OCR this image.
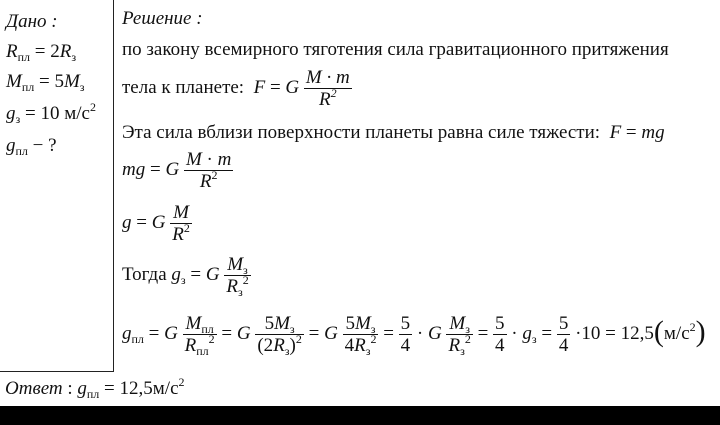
Дано :
$R_{пл} = 2R_з$
$M_{пл} = 5M_з$
$g_з = 10$ $м/с^2$
$g_{пл}$ − ?
Решение :
по закону всемирного тяготения сила гравитационного притяжения
тела к планете: F = G $\frac{M \cdot m}{R^2}$
Эта сила вблизи поверхности планеты равна силе тяжести: F = mg
mg = G $\frac{M \cdot m}{R^2}$
g = G $\frac{M}{R^2}$
Тогда $g_з = G \frac{M_з}{R_з^2}$
$g_{пл} = G \frac{M_{пл}}{R_{пл}^2} = G \frac{5M_з}{(2R_з)^2} = G \frac{5M_з}{4R_з^2} = \frac{5}{4} \cdot G \frac{M_з}{R_з^2} = \frac{5}{4} \cdot g_з = \frac{5}{4} \cdot 10 = 12,5(м/с^2)$
Ответ : $g_{пл} = 12,5м/с^2$
